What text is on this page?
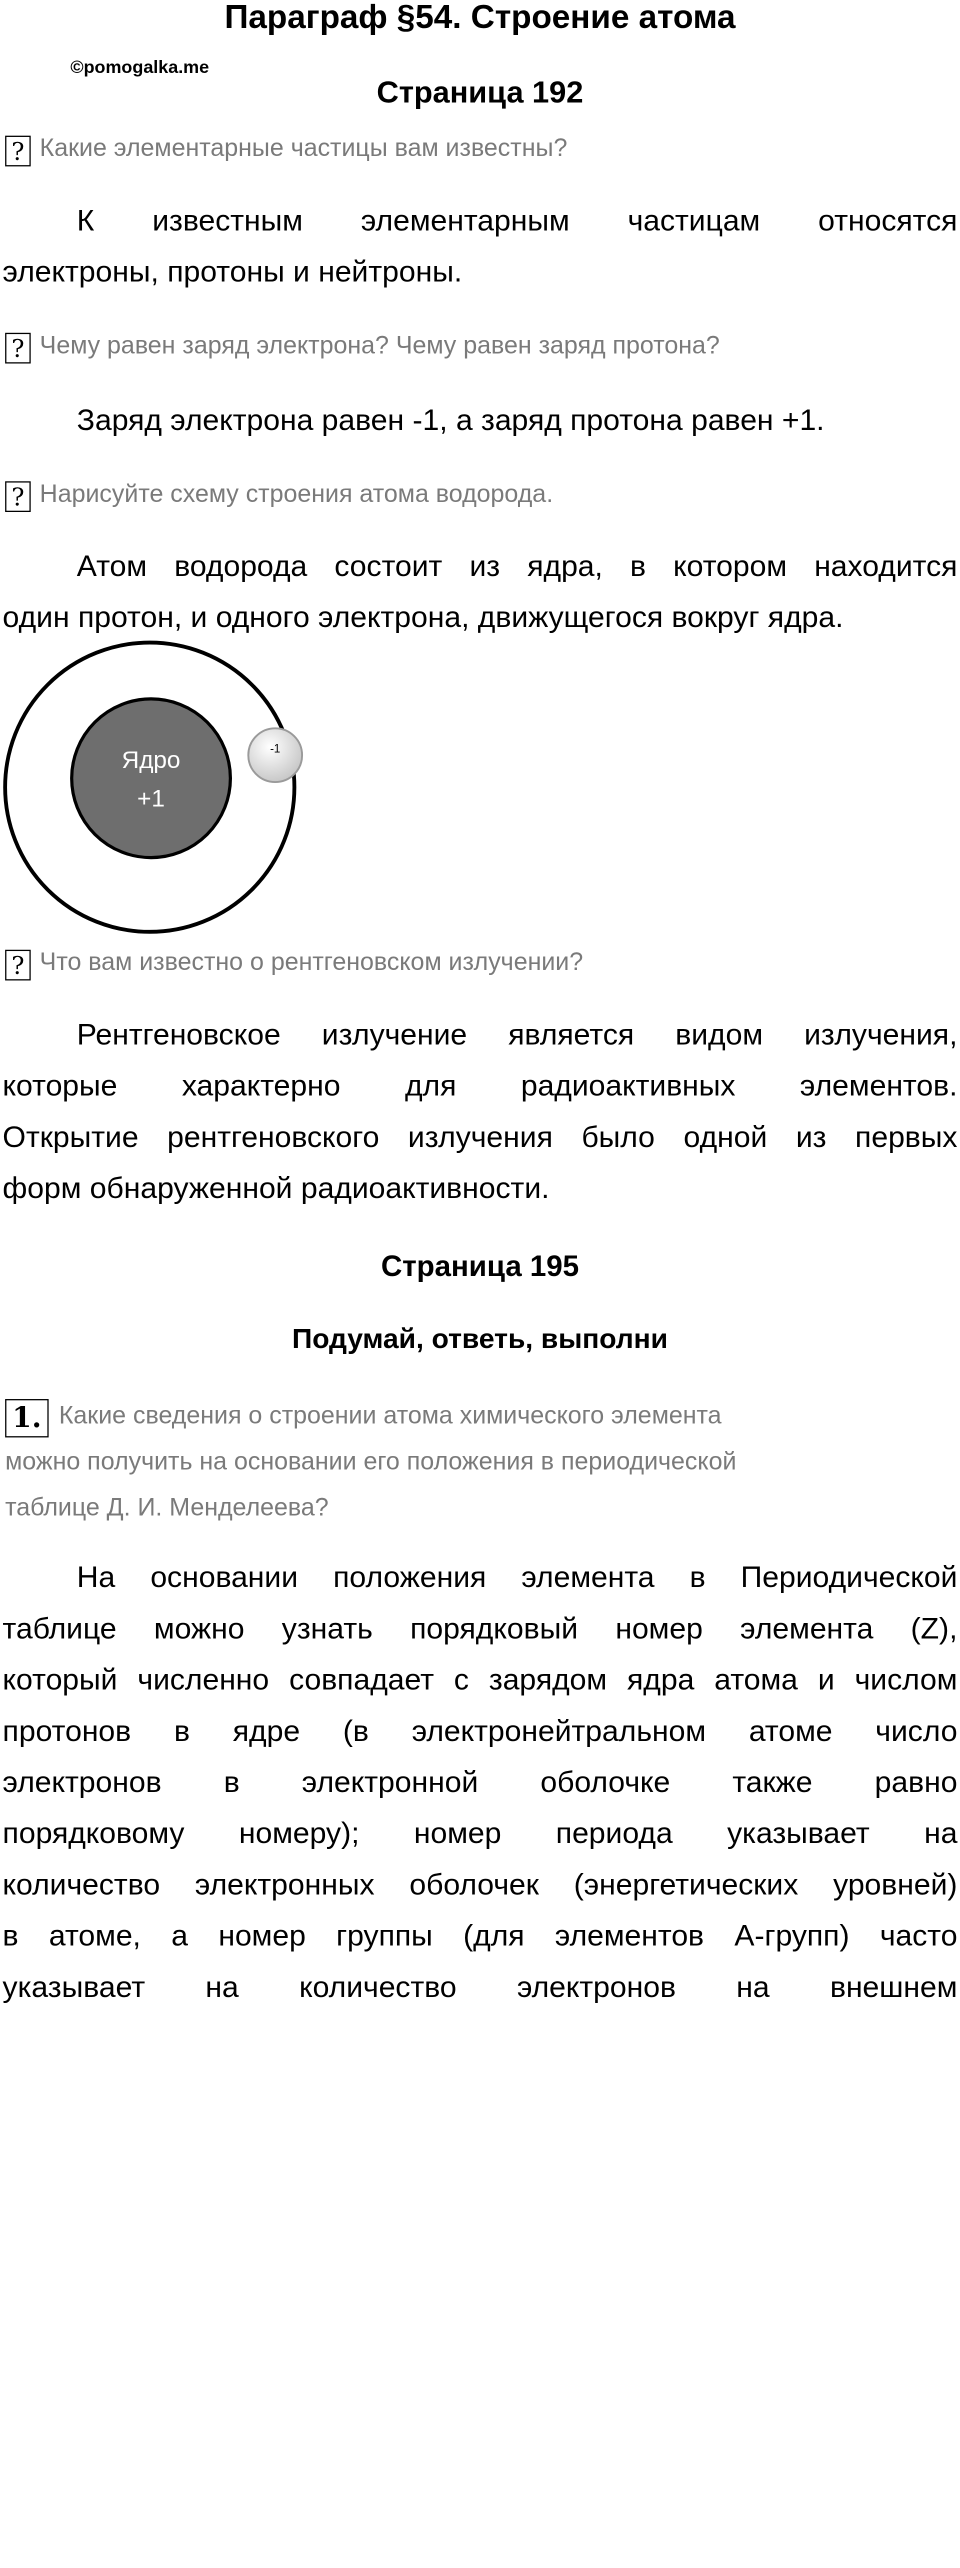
Параграф §54. Строение атома
©pomogalka.me
Страница 192
? Какие элементарные частицы вам известны?
К известным элементарным частицам относятся
электроны, протоны и нейтроны.
? Чему равен заряд электрона? Чему равен заряд протона?
Заряд электрона равен -1, а заряд протона равен +1.
? Нарисуйте схему строения атома водорода.
Атом водорода состоит из ядра, в котором находится
один протон, и одного электрона, движущегося вокруг ядра.
Ядро
+1
-1
? Что вам известно о рентгеновском излучении?
Рентгеновское излучение является видом излучения,
которые характерно для радиоактивных элементов.
Открытие рентгеновского излучения было одной из первых
форм обнаруженной радиоактивности.
Страница 195
Подумай, ответь, выполни
1. Какие сведения о строении атома химического элемента
можно получить на основании его положения в периодической
таблице Д. И. Менделеева?
На основании положения элемента в Периодической
таблице можно узнать порядковый номер элемента (Z),
который численно совпадает с зарядом ядра атома и числом
протонов в ядре (в электронейтральном атоме число
электронов в электронной оболочке также равно
порядковому номеру); номер периода указывает на
количество электронных оболочек (энергетических уровней)
в атоме, а номер группы (для элементов А-групп) часто
указывает на количество электронов на внешнем
